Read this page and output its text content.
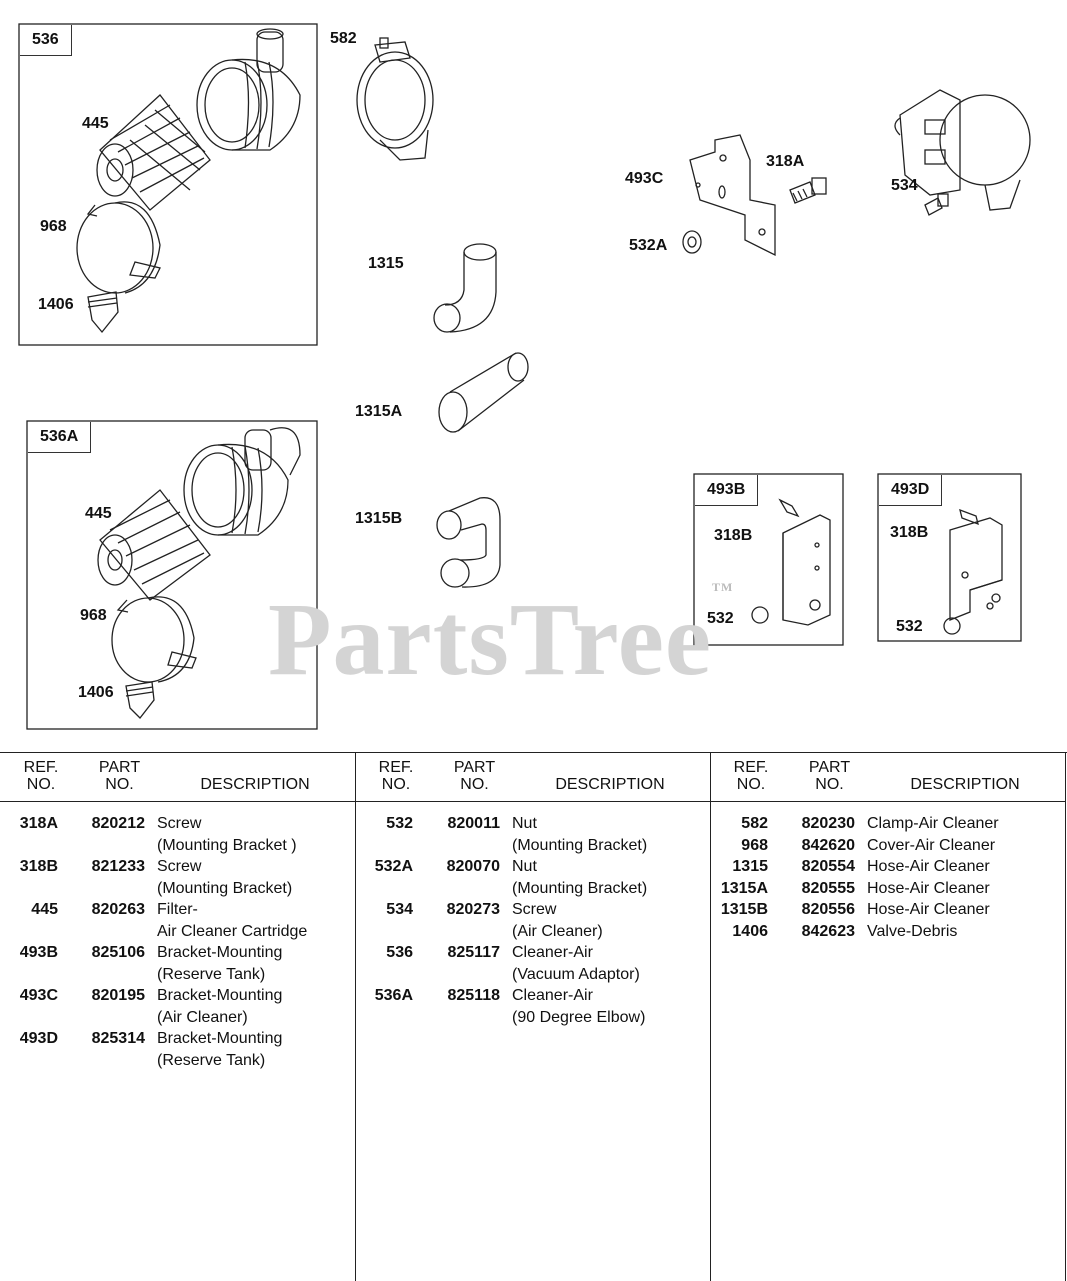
536
536A
493B	493D
445
968
1406
582
1315
1315A
1315B
445
968
1406
493C
318A
532A
534
318B
532
318B
532
PartsTree™
REF.
NO.
PART
NO.	DESCRIPTION
318A	820212 Screw
(Mounting Bracket )
318B	821233 Screw
(Mounting Bracket)
445	820263 Filter-
Air Cleaner Cartridge
493B	825106 Bracket-Mounting
(Reserve Tank)
493C	820195 Bracket-Mounting
(Air Cleaner)
493D	825314 Bracket-Mounting
(Reserve Tank)
REF.
NO.
PART
NO.	DESCRIPTION
532	820011 Nut
(Mounting Bracket)
532A	820070 Nut
(Mounting Bracket)
534	820273 Screw
(Air Cleaner)
536	825117 Cleaner-Air
(Vacuum Adaptor)
536A	825118 Cleaner-Air
(90 Degree Elbow)
REF.
NO.
PART
NO.	DESCRIPTION
582	820230 Clamp-Air Cleaner
968	842620 Cover-Air Cleaner
1315	820554 Hose-Air Cleaner
1315A	820555 Hose-Air Cleaner
1315B	820556 Hose-Air Cleaner
1406	842623 Valve-Debris
